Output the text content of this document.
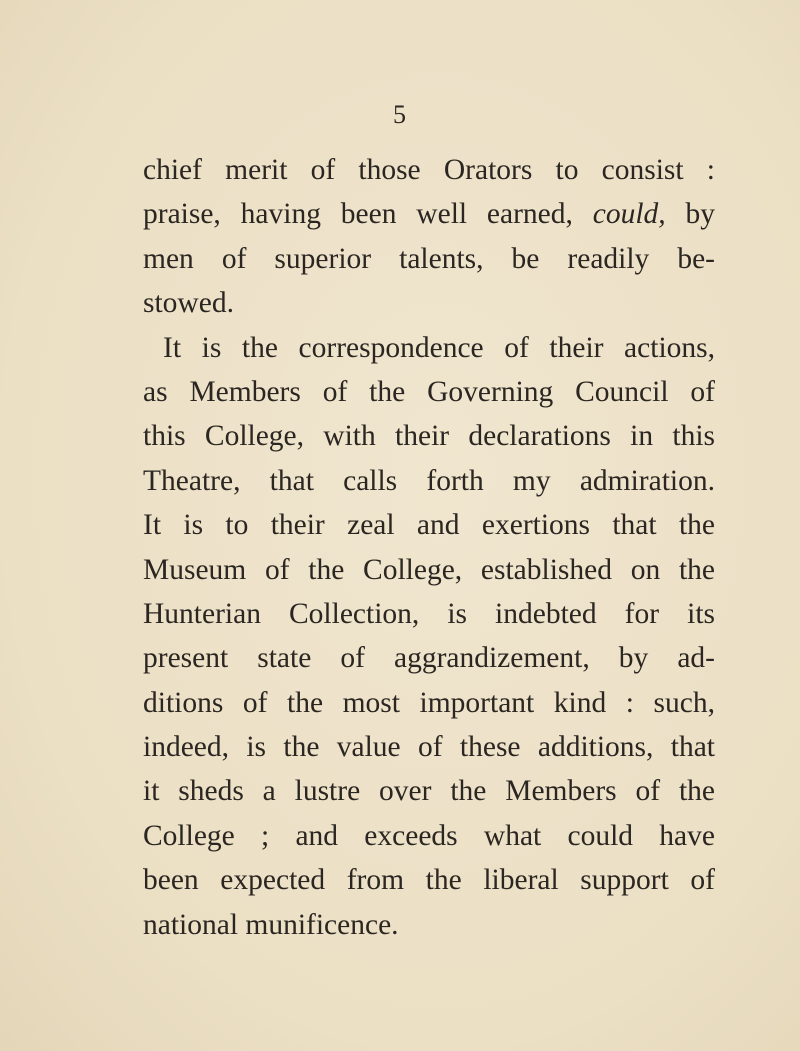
5
chief merit of those Orators to consist :
praise, having been well earned, could, by
men of superior talents, be readily be-
stowed.
It is the correspondence of their actions,
as Members of the Governing Council of
this College, with their declarations in this
Theatre, that calls forth my admiration.
It is to their zeal and exertions that the
Museum of the College, established on the
Hunterian Collection, is indebted for its
present state of aggrandizement, by ad-
ditions of the most important kind : such,
indeed, is the value of these additions, that
it sheds a lustre over the Members of the
College ; and exceeds what could have
been expected from the liberal support of
national munificence.
